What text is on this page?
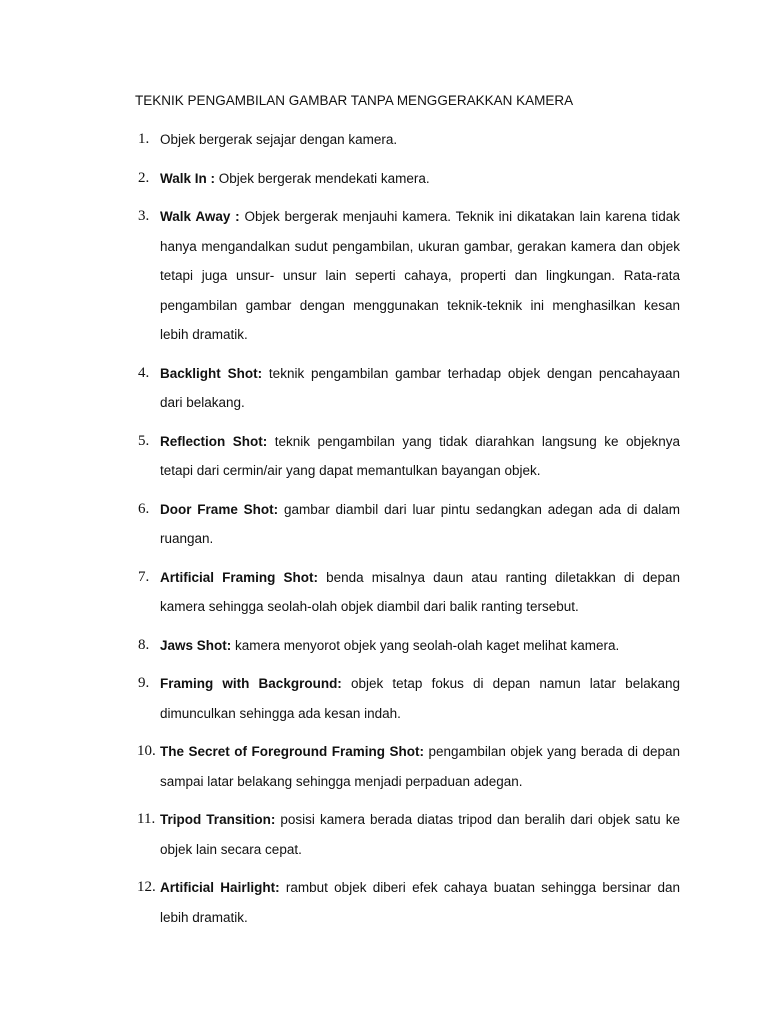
TEKNIK PENGAMBILAN GAMBAR TANPA MENGGERAKKAN KAMERA
1. Objek bergerak sejajar dengan kamera.
2. Walk In : Objek bergerak mendekati kamera.
3. Walk Away : Objek bergerak menjauhi kamera. Teknik ini dikatakan lain karena tidak hanya mengandalkan sudut pengambilan, ukuran gambar, gerakan kamera dan objek tetapi juga unsur- unsur lain seperti cahaya, properti dan lingkungan. Rata-rata pengambilan gambar dengan menggunakan teknik-teknik ini menghasilkan kesan lebih dramatik.
4. Backlight Shot: teknik pengambilan gambar terhadap objek dengan pencahayaan dari belakang.
5. Reflection Shot: teknik pengambilan yang tidak diarahkan langsung ke objeknya tetapi dari cermin/air yang dapat memantulkan bayangan objek.
6. Door Frame Shot: gambar diambil dari luar pintu sedangkan adegan ada di dalam ruangan.
7. Artificial Framing Shot: benda misalnya daun atau ranting diletakkan di depan kamera sehingga seolah-olah objek diambil dari balik ranting tersebut.
8. Jaws Shot: kamera menyorot objek yang seolah-olah kaget melihat kamera.
9. Framing with Background: objek tetap fokus di depan namun latar belakang dimunculkan sehingga ada kesan indah.
10. The Secret of Foreground Framing Shot: pengambilan objek yang berada di depan sampai latar belakang sehingga menjadi perpaduan adegan.
11. Tripod Transition: posisi kamera berada diatas tripod dan beralih dari objek satu ke objek lain secara cepat.
12. Artificial Hairlight: rambut objek diberi efek cahaya buatan sehingga bersinar dan lebih dramatik.
